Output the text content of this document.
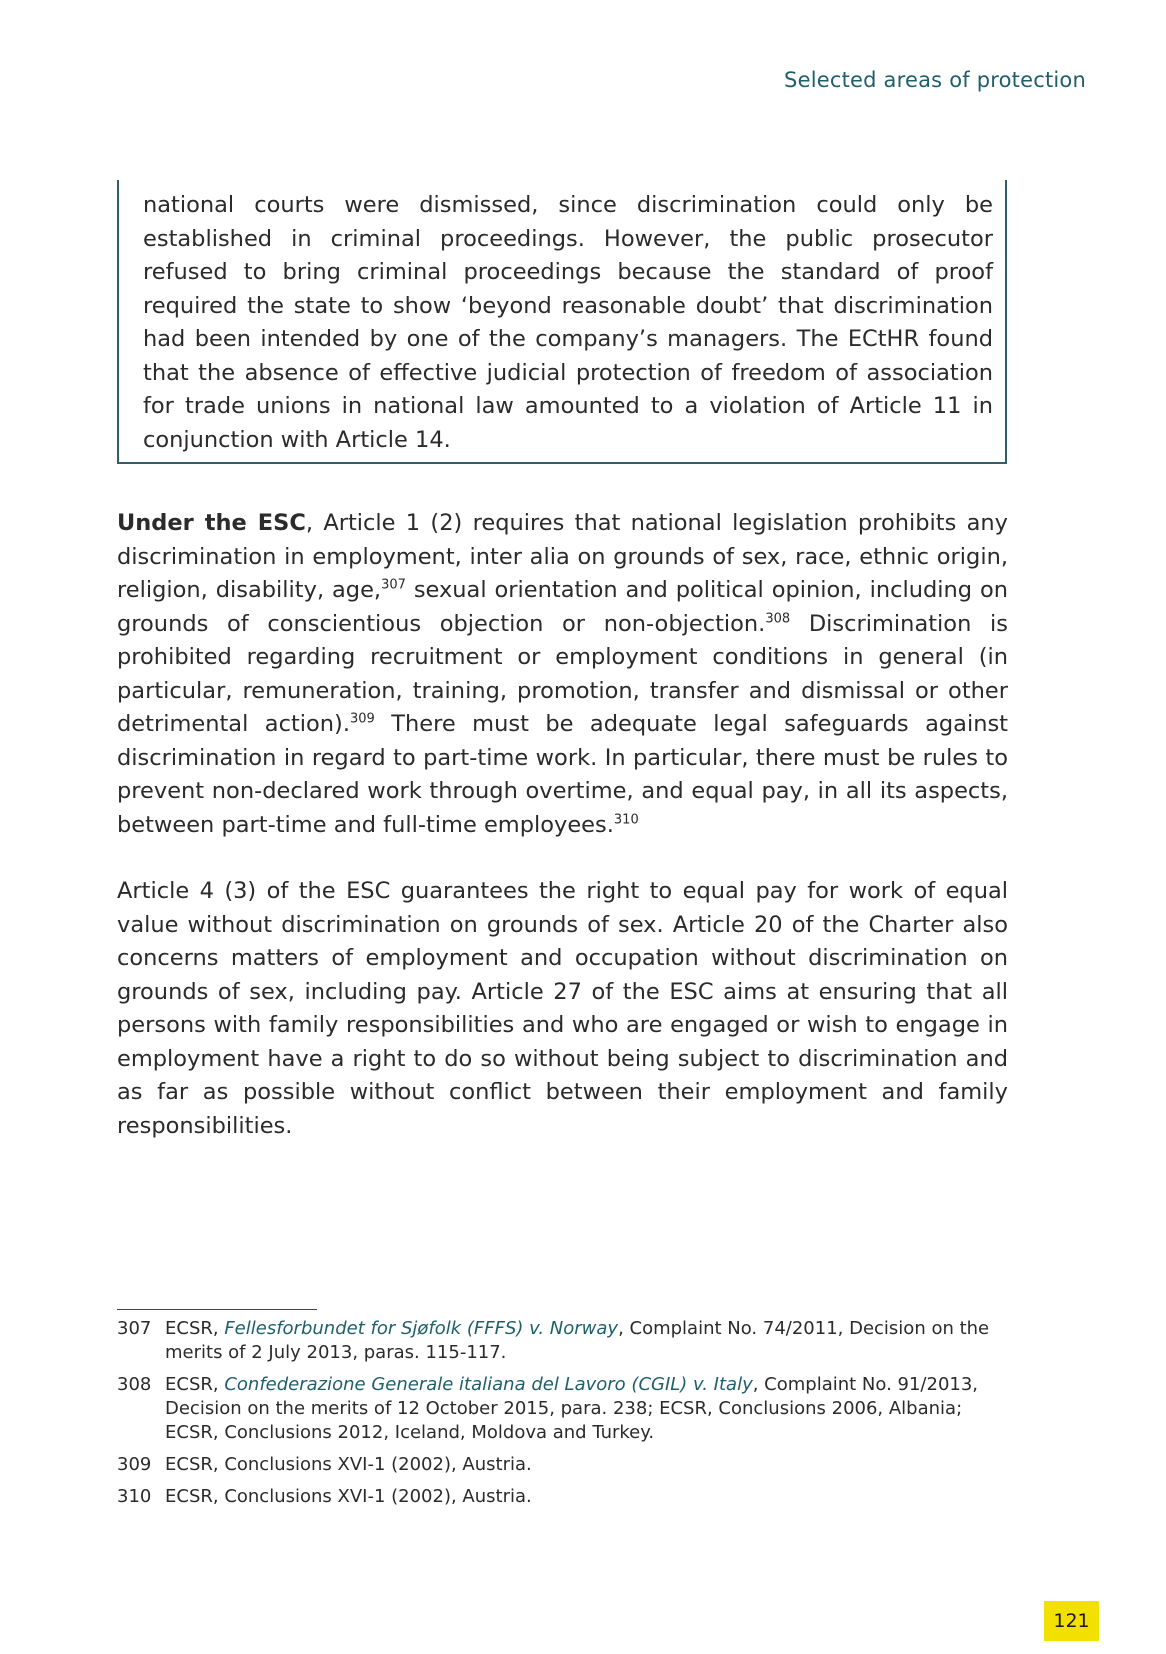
Selected areas of protection

national courts were dismissed, since discrimination could only be established in criminal proceedings. However, the public prosecutor refused to bring criminal proceedings because the standard of proof required the state to show ‘beyond reasonable doubt’ that discrimination had been intended by one of the company’s managers. The ECtHR found that the absence of effective judicial protection of freedom of association for trade unions in national law amounted to a violation of Article 11 in conjunction with Article 14.

Under the ESC, Article 1 (2) requires that national legislation prohibits any discrimination in employment, inter alia on grounds of sex, race, ethnic origin, religion, disability, age,$^{307}$ sexual orientation and political opinion, including on grounds of conscientious objection or non-objection.$^{308}$ Discrimination is prohibited regarding recruitment or employment conditions in general (in particular, remuneration, training, promotion, transfer and dismissal or other detrimental action).$^{309}$ There must be adequate legal safeguards against discrimination in regard to part-time work. In particular, there must be rules to prevent non-declared work through overtime, and equal pay, in all its aspects, between part-time and full-time employees.$^{310}$

Article 4 (3) of the ESC guarantees the right to equal pay for work of equal value without discrimination on grounds of sex. Article 20 of the Charter also concerns matters of employment and occupation without discrimination on grounds of sex, including pay. Article 27 of the ESC aims at ensuring that all persons with family responsibilities and who are engaged or wish to engage in employment have a right to do so without being subject to discrimination and as far as possible without conflict between their employment and family responsibilities.

307 ECSR, Fellesforbundet for Sjøfolk (FFFS) v. Norway, Complaint No. 74/2011, Decision on the merits of 2 July 2013, paras. 115-117.
308 ECSR, Confederazione Generale italiana del Lavoro (CGIL) v. Italy, Complaint No. 91/2013, Decision on the merits of 12 October 2015, para. 238; ECSR, Conclusions 2006, Albania; ECSR, Conclusions 2012, Iceland, Moldova and Turkey.
309 ECSR, Conclusions XVI-1 (2002), Austria.
310 ECSR, Conclusions XVI-1 (2002), Austria.
121
